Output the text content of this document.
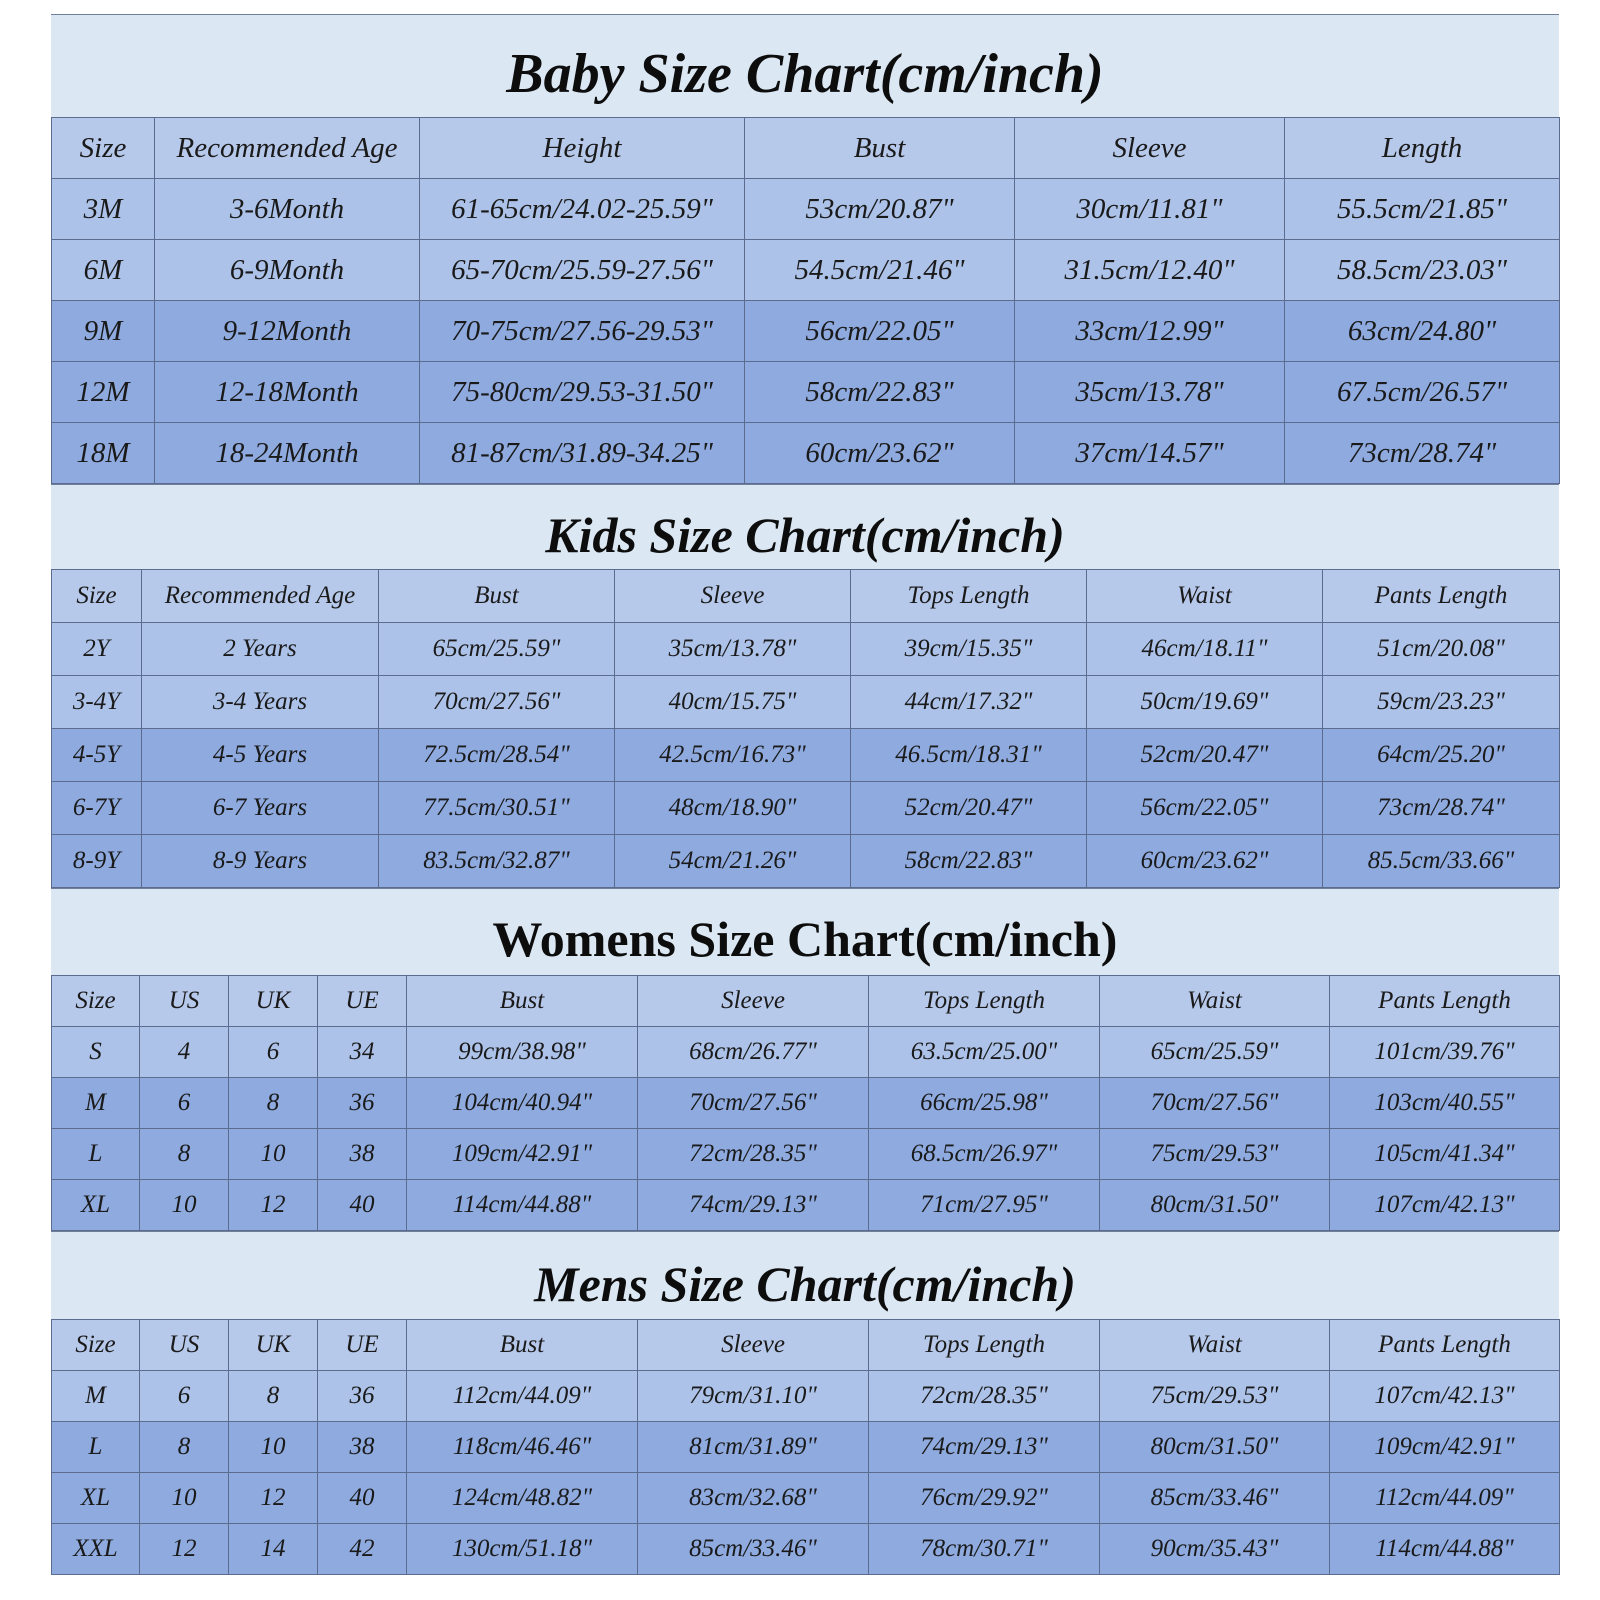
Baby Size Chart(cm/inch)
Size	Recommended Age	Height	Bust	Sleeve	Length
3M	3-6Month	61-65cm/24.02-25.59"	53cm/20.87"	30cm/11.81"	55.5cm/21.85"
6M	6-9Month	65-70cm/25.59-27.56"	54.5cm/21.46"	31.5cm/12.40"	58.5cm/23.03"
9M	9-12Month	70-75cm/27.56-29.53"	56cm/22.05"	33cm/12.99"	63cm/24.80"
12M	12-18Month	75-80cm/29.53-31.50"	58cm/22.83"	35cm/13.78"	67.5cm/26.57"
18M	18-24Month	81-87cm/31.89-34.25"	60cm/23.62"	37cm/14.57"	73cm/28.74"
Kids Size Chart(cm/inch)
Size	Recommended Age	Bust	Sleeve	Tops Length	Waist	Pants Length
2Y	2 Years	65cm/25.59"	35cm/13.78"	39cm/15.35"	46cm/18.11"	51cm/20.08"
3-4Y	3-4 Years	70cm/27.56"	40cm/15.75"	44cm/17.32"	50cm/19.69"	59cm/23.23"
4-5Y	4-5 Years	72.5cm/28.54"	42.5cm/16.73"	46.5cm/18.31"	52cm/20.47"	64cm/25.20"
6-7Y	6-7 Years	77.5cm/30.51"	48cm/18.90"	52cm/20.47"	56cm/22.05"	73cm/28.74"
8-9Y	8-9 Years	83.5cm/32.87"	54cm/21.26"	58cm/22.83"	60cm/23.62"	85.5cm/33.66"
Womens Size Chart(cm/inch)
Size	US	UK	UE	Bust	Sleeve	Tops Length	Waist	Pants Length
S	4	6	34	99cm/38.98"	68cm/26.77"	63.5cm/25.00"	65cm/25.59"	101cm/39.76"
M	6	8	36	104cm/40.94"	70cm/27.56"	66cm/25.98"	70cm/27.56"	103cm/40.55"
L	8	10	38	109cm/42.91"	72cm/28.35"	68.5cm/26.97"	75cm/29.53"	105cm/41.34"
XL	10	12	40	114cm/44.88"	74cm/29.13"	71cm/27.95"	80cm/31.50"	107cm/42.13"
Mens Size Chart(cm/inch)
Size	US	UK	UE	Bust	Sleeve	Tops Length	Waist	Pants Length
M	6	8	36	112cm/44.09"	79cm/31.10"	72cm/28.35"	75cm/29.53"	107cm/42.13"
L	8	10	38	118cm/46.46"	81cm/31.89"	74cm/29.13"	80cm/31.50"	109cm/42.91"
XL	10	12	40	124cm/48.82"	83cm/32.68"	76cm/29.92"	85cm/33.46"	112cm/44.09"
XXL	12	14	42	130cm/51.18"	85cm/33.46"	78cm/30.71"	90cm/35.43"	114cm/44.88"
